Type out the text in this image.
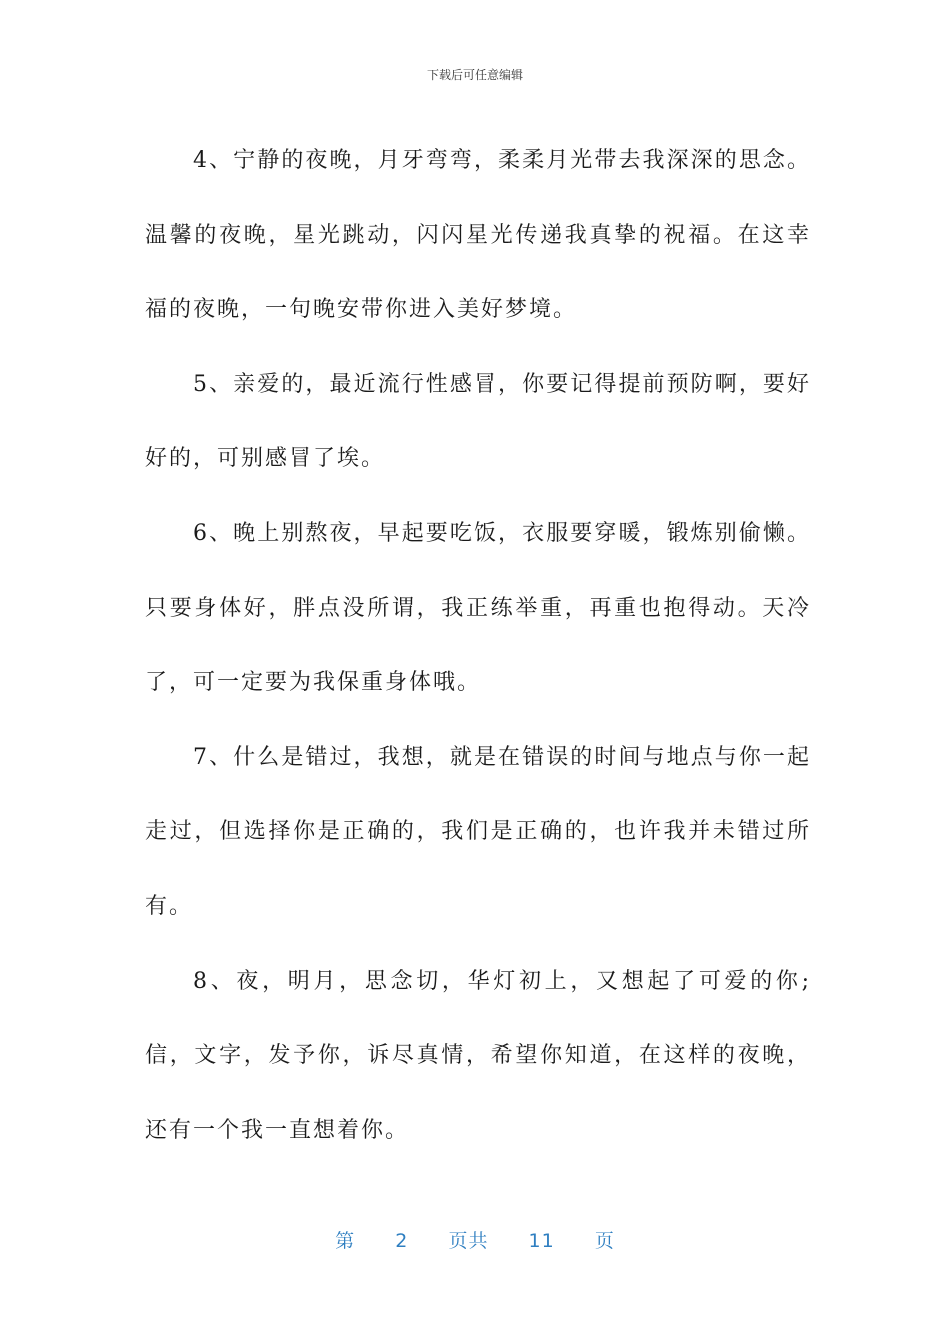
下载后可任意编辑

4、宁静的夜晚，月牙弯弯，柔柔月光带去我深深的思念。温馨的夜晚，星光跳动，闪闪星光传递我真挚的祝福。在这幸福的夜晚，一句晚安带你进入美好梦境。

5、亲爱的，最近流行性感冒，你要记得提前预防啊，要好好的，可别感冒了埃。

6、晚上别熬夜，早起要吃饭，衣服要穿暖，锻炼别偷懒。只要身体好，胖点没所谓，我正练举重，再重也抱得动。天冷了，可一定要为我保重身体哦。

7、什么是错过，我想，就是在错误的时间与地点与你一起走过，但选择你是正确的，我们是正确的，也许我并未错过所有。

8、夜，明月，思念切，华灯初上，又想起了可爱的你;信，文字，发予你，诉尽真情，希望你知道，在这样的夜晚，还有一个我一直想着你。

第 2 页共 11 页
